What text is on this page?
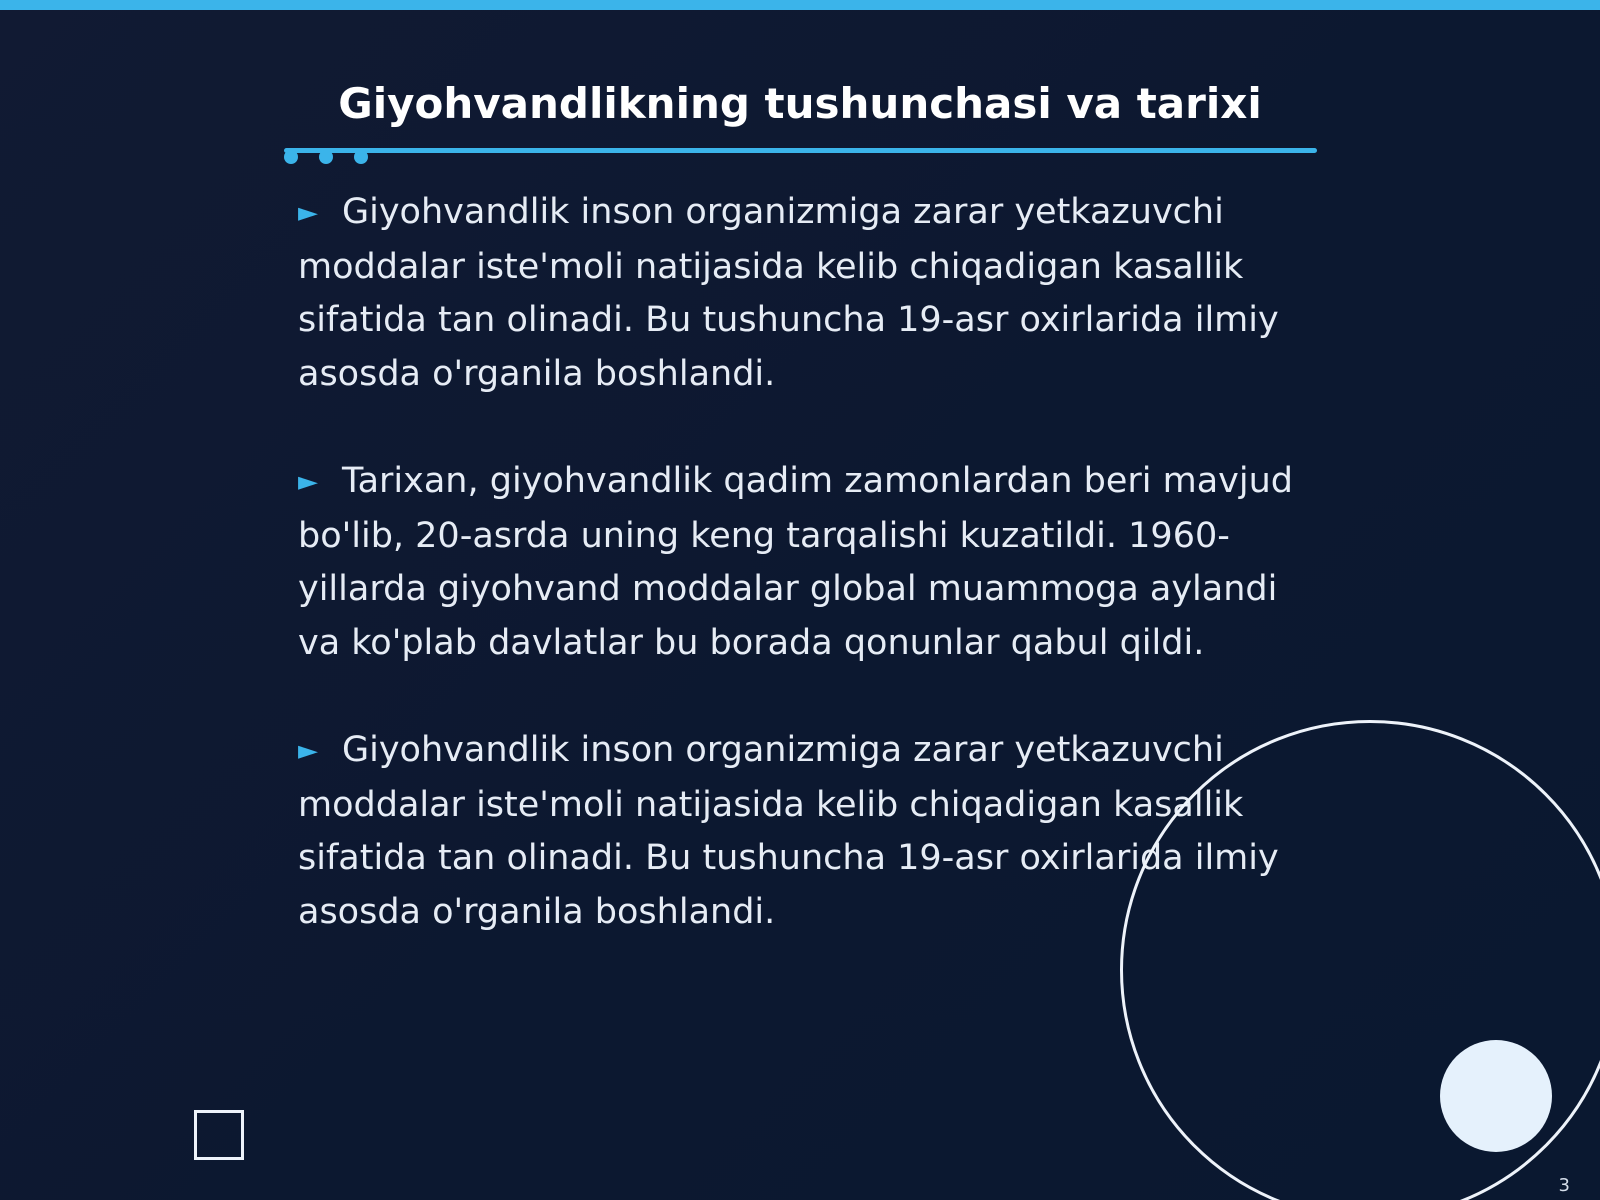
Giyohvandlikning tushunchasi va tarixi

► Giyohvandlik inson organizmiga zarar yetkazuvchi moddalar iste'moli natijasida kelib chiqadigan kasallik sifatida tan olinadi. Bu tushuncha 19-asr oxirlarida ilmiy asosda o'rganila boshlandi.

► Tarixan, giyohvandlik qadim zamonlardan beri mavjud bo'lib, 20-asrda uning keng tarqalishi kuzatildi. 1960-yillarda giyohvand moddalar global muammoga aylandi va ko'plab davlatlar bu borada qonunlar qabul qildi.

► Giyohvandlik inson organizmiga zarar yetkazuvchi moddalar iste'moli natijasida kelib chiqadigan kasallik sifatida tan olinadi. Bu tushuncha 19-asr oxirlarida ilmiy asosda o'rganila boshlandi.

3
